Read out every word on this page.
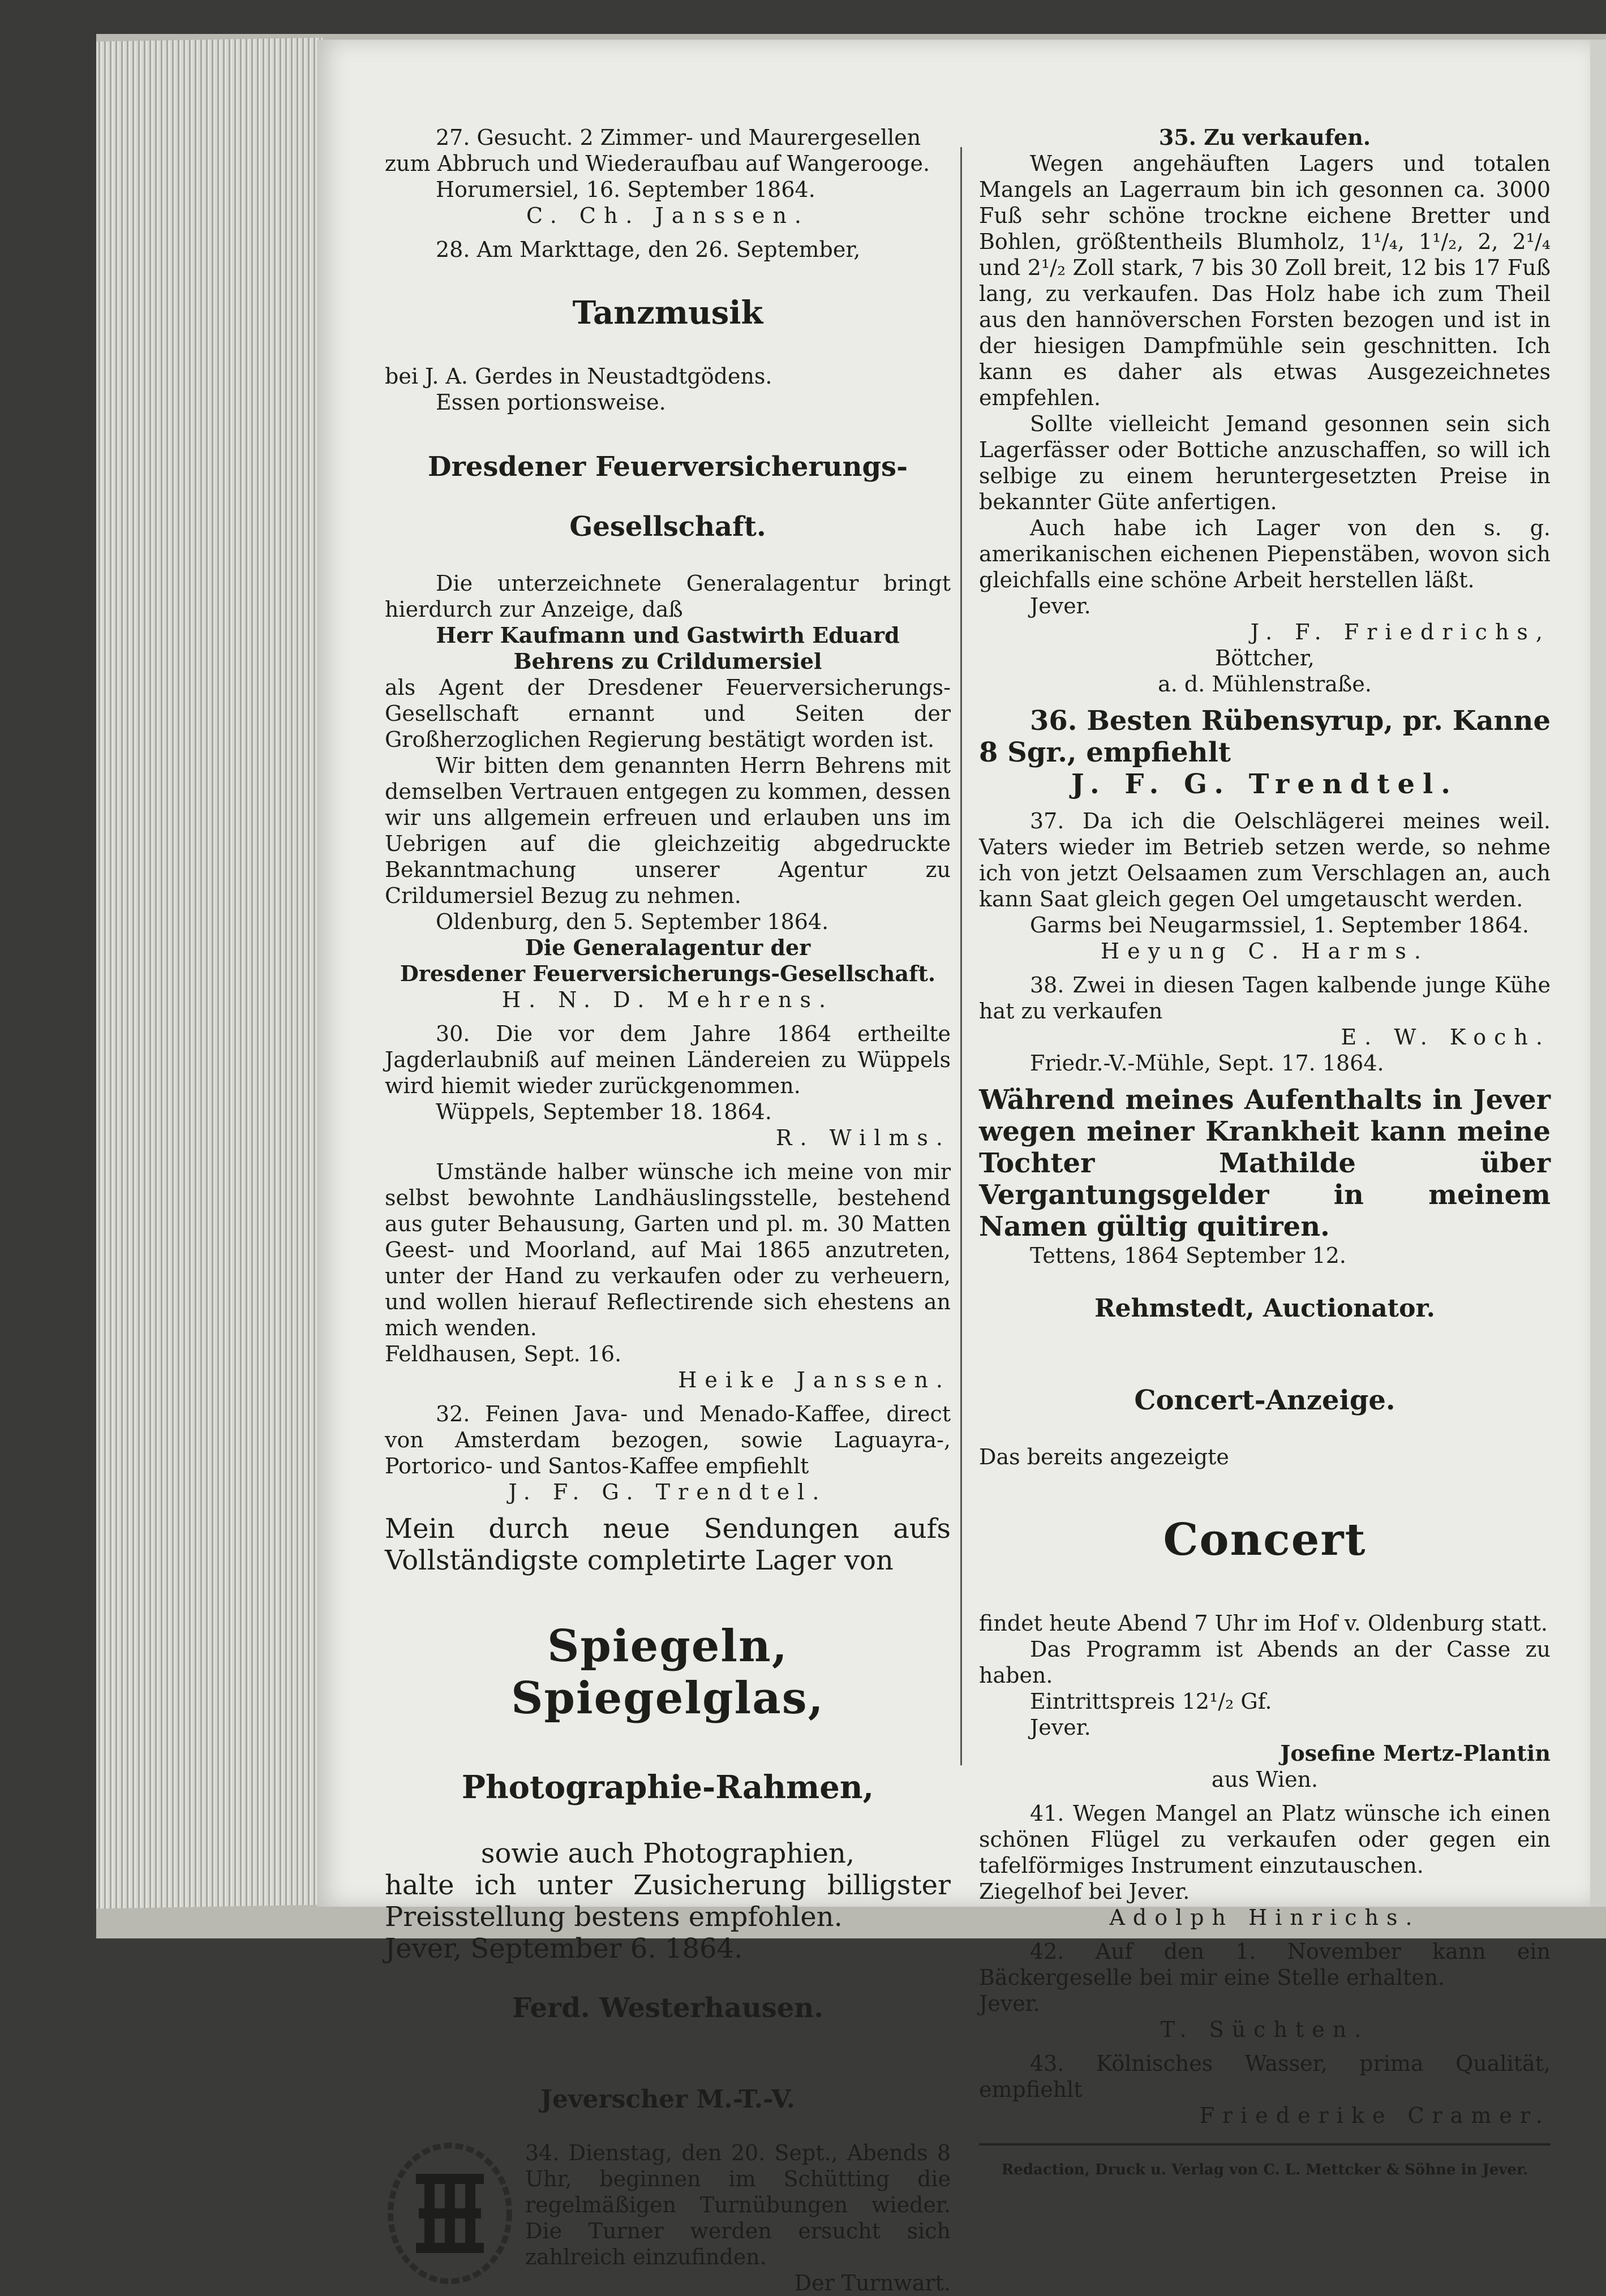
27. Gesucht. 2 Zimmer- und Maurergesellen

zum Abbruch und Wiederaufbau auf Wangerooge.

Horumersiel, 16. September 1864.

C. Ch. Janssen.

28. Am Markttage, den 26. September,

Tanzmusik

bei J. A. Gerdes in Neustadtgödens.

Essen portionsweise.

Dresdener Feuerversicherungs-

Gesellschaft.

Die unterzeichnete Generalagentur bringt hierdurch zur Anzeige, daß

Herr Kaufmann und Gastwirth Eduard

Behrens zu Crildumersiel

als Agent der Dresdener Feuerversicherungs-Gesellschaft ernannt und Seiten der Großherzoglichen Regierung bestätigt worden ist.

Wir bitten dem genannten Herrn Behrens mit demselben Vertrauen entgegen zu kommen, dessen wir uns allgemein erfreuen und erlauben uns im Uebrigen auf die gleichzeitig abgedruckte Bekanntmachung unserer Agentur zu Crildumersiel Bezug zu nehmen.

Oldenburg, den 5. September 1864.

Die Generalagentur der

Dresdener Feuerversicherungs-Gesellschaft.

H. N. D. Mehrens.

30. Die vor dem Jahre 1864 ertheilte Jagderlaubniß auf meinen Ländereien zu Wüppels wird hiemit wieder zurückgenommen.

Wüppels, September 18. 1864.

R. Wilms.

Umstände halber wünsche ich meine von mir selbst bewohnte Landhäuslingsstelle, bestehend aus guter Behausung, Garten und pl. m. 30 Matten Geest- und Moorland, auf Mai 1865 anzutreten, unter der Hand zu verkaufen oder zu verheuern, und wollen hierauf Reflectirende sich ehestens an mich wenden.

Feldhausen, Sept. 16.

Heike Janssen.

32. Feinen Java- und Menado-Kaffee, direct von Amsterdam bezogen, sowie Laguayra-, Portorico- und Santos-Kaffee empfiehlt

J. F. G. Trendtel.

Mein durch neue Sendungen aufs Vollständigste completirte Lager von

Spiegeln, Spiegelglas,

Photographie-Rahmen,

sowie auch Photographien,

halte ich unter Zusicherung billigster Preisstellung bestens empfohlen.

Jever, September 6. 1864.

Ferd. Westerhausen.

Jeverscher M.-T.-V.

34. Dienstag, den 20. Sept., Abends 8 Uhr, beginnen im Schütting die regelmäßigen Turnübungen wieder. Die Turner werden ersucht sich zahlreich einzufinden.

Der Turnwart.

35. Zu verkaufen.

Wegen angehäuften Lagers und totalen Mangels an Lagerraum bin ich gesonnen ca. 3000 Fuß sehr schöne trockne eichene Bretter und Bohlen, größtentheils Blumholz, 1¹/₄, 1¹/₂, 2, 2¹/₄ und 2¹/₂ Zoll stark, 7 bis 30 Zoll breit, 12 bis 17 Fuß lang, zu verkaufen. Das Holz habe ich zum Theil aus den hannöverschen Forsten bezogen und ist in der hiesigen Dampfmühle sein geschnitten. Ich kann es daher als etwas Ausgezeichnetes empfehlen.

Sollte vielleicht Jemand gesonnen sein sich Lagerfässer oder Bottiche anzuschaffen, so will ich selbige zu einem heruntergesetzten Preise in bekannter Güte anfertigen.

Auch habe ich Lager von den s. g. amerikanischen eichenen Piepenstäben, wovon sich gleichfalls eine schöne Arbeit herstellen läßt.

Jever.

J. F. Friedrichs,

Böttcher,

a. d. Mühlenstraße.

36. Besten Rübensyrup, pr. Kanne 8 Sgr., empfiehlt

J. F. G. Trendtel.

37. Da ich die Oelschlägerei meines weil. Vaters wieder im Betrieb setzen werde, so nehme ich von jetzt Oelsaamen zum Verschlagen an, auch kann Saat gleich gegen Oel umgetauscht werden.

Garms bei Neugarmssiel, 1. September 1864.

Heyung C. Harms.

38. Zwei in diesen Tagen kalbende junge Kühe hat zu verkaufen

E. W. Koch.

Friedr.-V.-Mühle, Sept. 17. 1864.

Während meines Aufenthalts in Jever wegen meiner Krankheit kann meine Tochter Mathilde über Vergantungsgelder in meinem Namen gültig quitiren.

Tettens, 1864 September 12.

Rehmstedt, Auctionator.

Concert-Anzeige.

Das bereits angezeigte

Concert

findet heute Abend 7 Uhr im Hof v. Oldenburg statt.

Das Programm ist Abends an der Casse zu haben.

Eintrittspreis 12¹/₂ Gf.

Jever.

Josefine Mertz-Plantin

aus Wien.

41. Wegen Mangel an Platz wünsche ich einen schönen Flügel zu verkaufen oder gegen ein tafelförmiges Instrument einzutauschen.

Ziegelhof bei Jever.

Adolph Hinrichs.

42. Auf den 1. November kann ein Bäckergeselle bei mir eine Stelle erhalten.

Jever.

T. Süchten.

43. Kölnisches Wasser, prima Qualität, empfiehlt

Friederike Cramer.

Redaction, Druck u. Verlag von C. L. Mettcker & Söhne in Jever.
